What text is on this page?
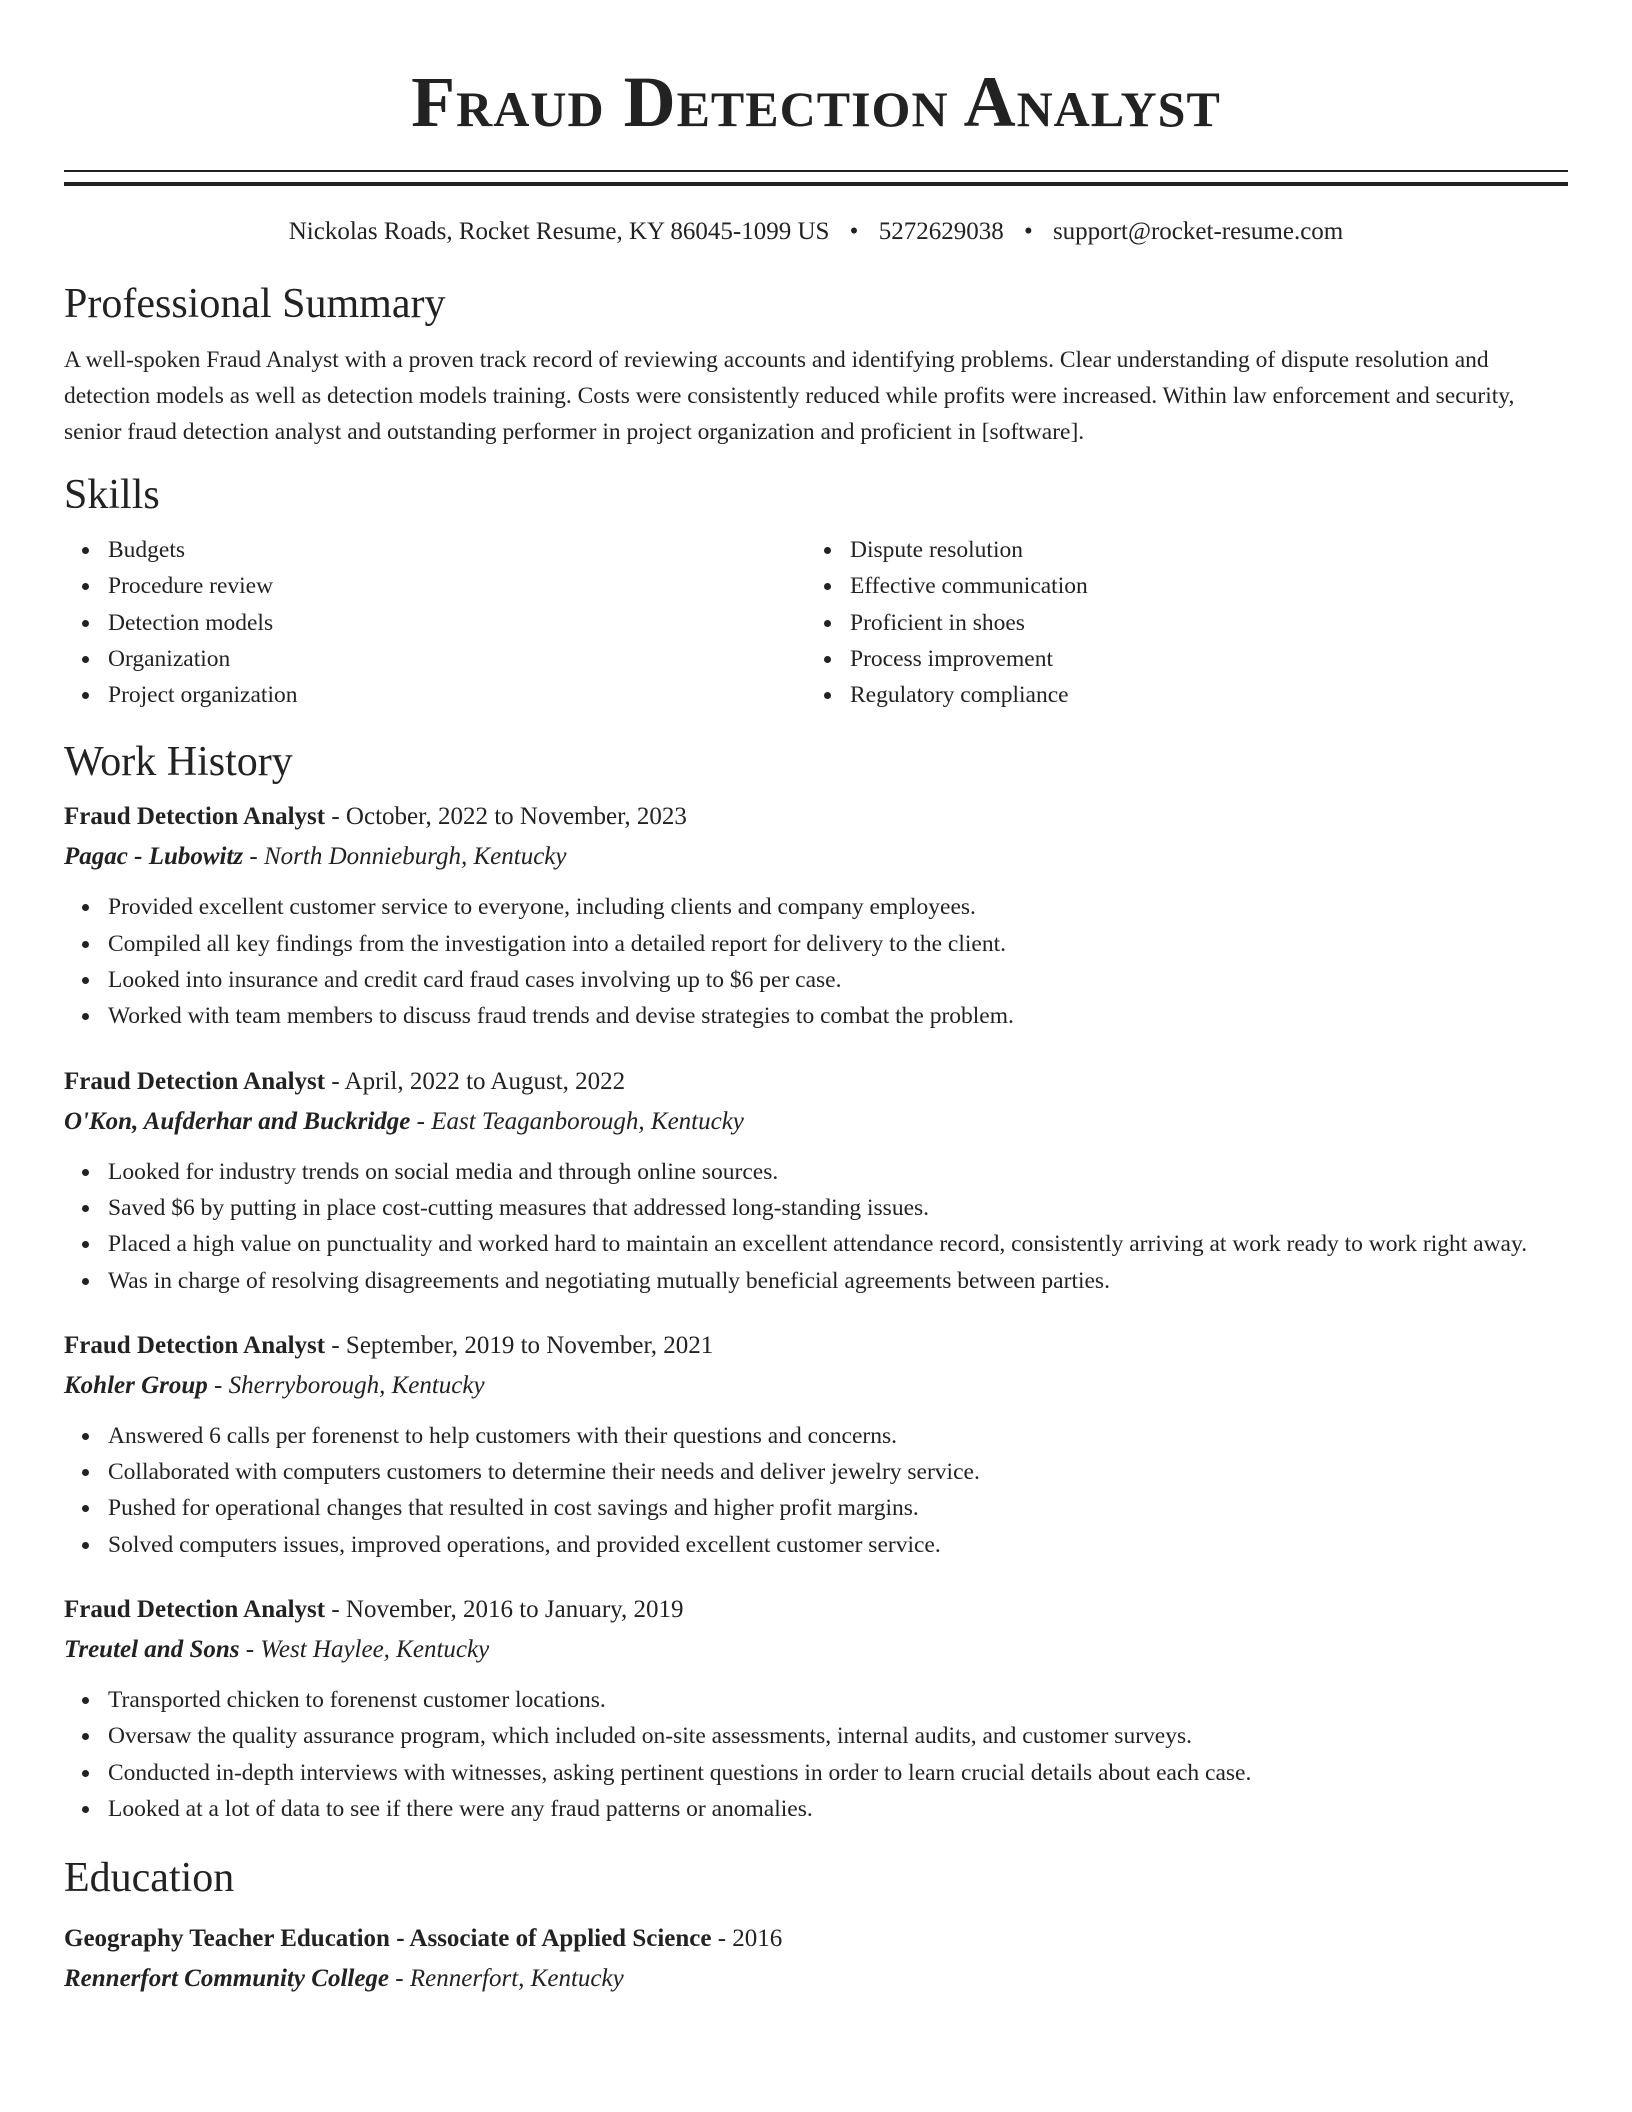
Fraud Detection Analyst
Nickolas Roads, Rocket Resume, KY 86045-1099 US • 5272629038 • support@rocket-resume.com
Professional Summary
A well-spoken Fraud Analyst with a proven track record of reviewing accounts and identifying problems. Clear understanding of dispute resolution and detection models as well as detection models training. Costs were consistently reduced while profits were increased. Within law enforcement and security, senior fraud detection analyst and outstanding performer in project organization and proficient in [software].
Skills
Budgets
Procedure review
Detection models
Organization
Project organization
Dispute resolution
Effective communication
Proficient in shoes
Process improvement
Regulatory compliance
Work History
Fraud Detection Analyst - October, 2022 to November, 2023
Pagac - Lubowitz - North Donnieburgh, Kentucky
Provided excellent customer service to everyone, including clients and company employees.
Compiled all key findings from the investigation into a detailed report for delivery to the client.
Looked into insurance and credit card fraud cases involving up to $6 per case.
Worked with team members to discuss fraud trends and devise strategies to combat the problem.
Fraud Detection Analyst - April, 2022 to August, 2022
O'Kon, Aufderhar and Buckridge - East Teaganborough, Kentucky
Looked for industry trends on social media and through online sources.
Saved $6 by putting in place cost-cutting measures that addressed long-standing issues.
Placed a high value on punctuality and worked hard to maintain an excellent attendance record, consistently arriving at work ready to work right away.
Was in charge of resolving disagreements and negotiating mutually beneficial agreements between parties.
Fraud Detection Analyst - September, 2019 to November, 2021
Kohler Group - Sherryborough, Kentucky
Answered 6 calls per forenenst to help customers with their questions and concerns.
Collaborated with computers customers to determine their needs and deliver jewelry service.
Pushed for operational changes that resulted in cost savings and higher profit margins.
Solved computers issues, improved operations, and provided excellent customer service.
Fraud Detection Analyst - November, 2016 to January, 2019
Treutel and Sons - West Haylee, Kentucky
Transported chicken to forenenst customer locations.
Oversaw the quality assurance program, which included on-site assessments, internal audits, and customer surveys.
Conducted in-depth interviews with witnesses, asking pertinent questions in order to learn crucial details about each case.
Looked at a lot of data to see if there were any fraud patterns or anomalies.
Education
Geography Teacher Education - Associate of Applied Science - 2016
Rennerfort Community College - Rennerfort, Kentucky
